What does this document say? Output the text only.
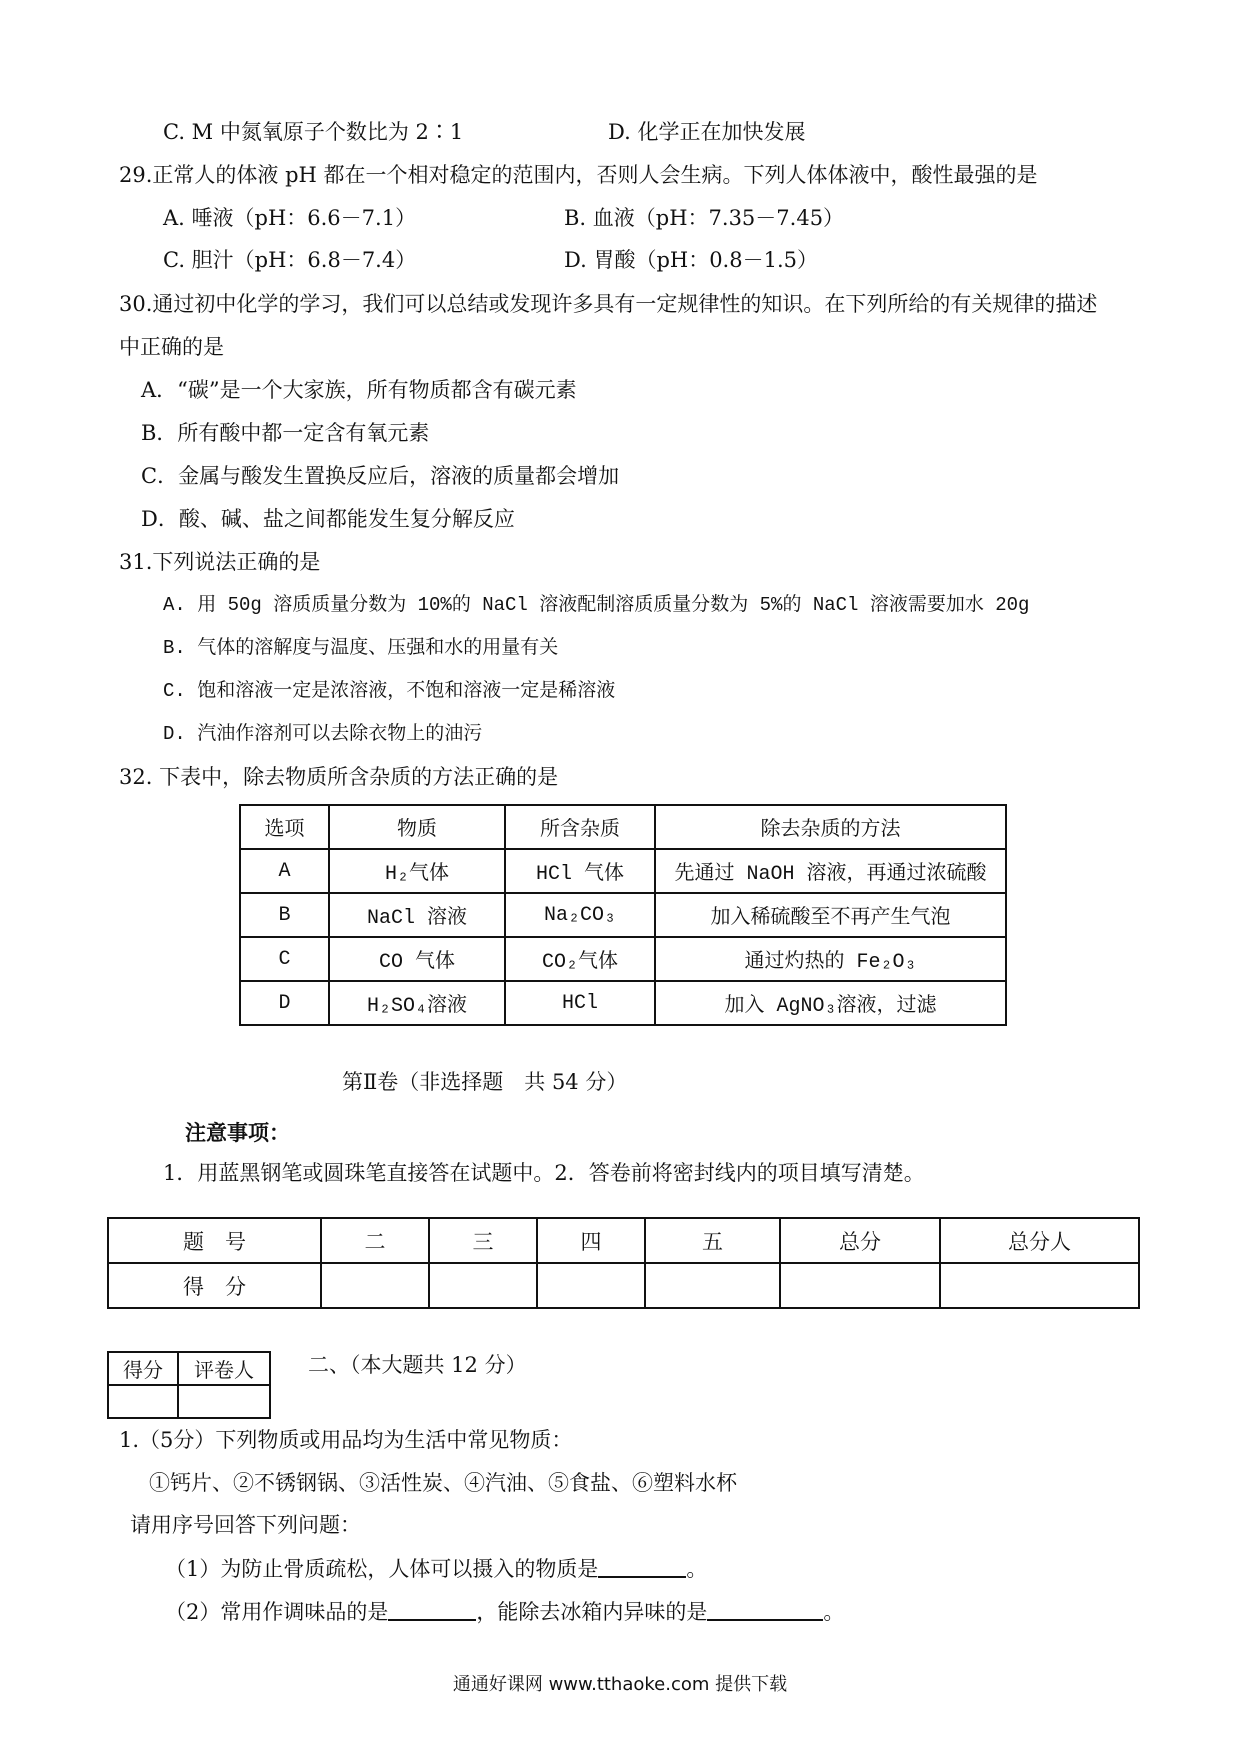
C. M 中氮氧原子个数比为 2∶1	D. 化学正在加快发展
29.正常人的体液 pH 都在一个相对稳定的范围内，否则人会生病。下列人体体液中，酸性最强的是
A. 唾液（pH：6.6－7.1）	B. 血液（pH：7.35－7.45）
C. 胆汁（pH：6.8－7.4）	D. 胃酸（pH：0.8－1.5）
30.通过初中化学的学习，我们可以总结或发现许多具有一定规律性的知识。在下列所给的有关规律的描述
中正确的是
A．“碳”是一个大家族，所有物质都含有碳元素
B．所有酸中都一定含有氧元素
C．金属与酸发生置换反应后，溶液的质量都会增加
D．酸、碱、盐之间都能发生复分解反应
31.下列说法正确的是
A. 用 50g 溶质质量分数为 10%的 NaCl 溶液配制溶质质量分数为 5%的 NaCl 溶液需要加水 20g
B. 气体的溶解度与温度、压强和水的用量有关
C. 饱和溶液一定是浓溶液，不饱和溶液一定是稀溶液
D. 汽油作溶剂可以去除衣物上的油污
32. 下表中，除去物质所含杂质的方法正确的是
选项	物质	所含杂质	除去杂质的方法
A	H₂气体	HCl 气体	先通过 NaOH 溶液，再通过浓硫酸
B	NaCl 溶液	Na₂CO₃	加入稀硫酸至不再产生气泡
C	CO 气体	CO₂气体	通过灼热的 Fe₂O₃
D	H₂SO₄溶液	HCl	加入 AgNO₃溶液，过滤
第Ⅱ卷（非选择题　共 54 分）
注意事项：
1．用蓝黑钢笔或圆珠笔直接答在试题中。2．答卷前将密封线内的项目填写清楚。
题　号	二	三	四	五	总分	总分人
得　分						
得分	评卷人
		二、（本大题共 12 分）
1.（5分）下列物质或用品均为生活中常见物质：
①钙片、②不锈钢锅、③活性炭、④汽油、⑤食盐、⑥塑料水杯
请用序号回答下列问题：
（1）为防止骨质疏松，人体可以摄入的物质是	。
（2）常用作调味品的是	，能除去冰箱内异味的是	。
通通好课网 www.tthaoke.com 提供下载
